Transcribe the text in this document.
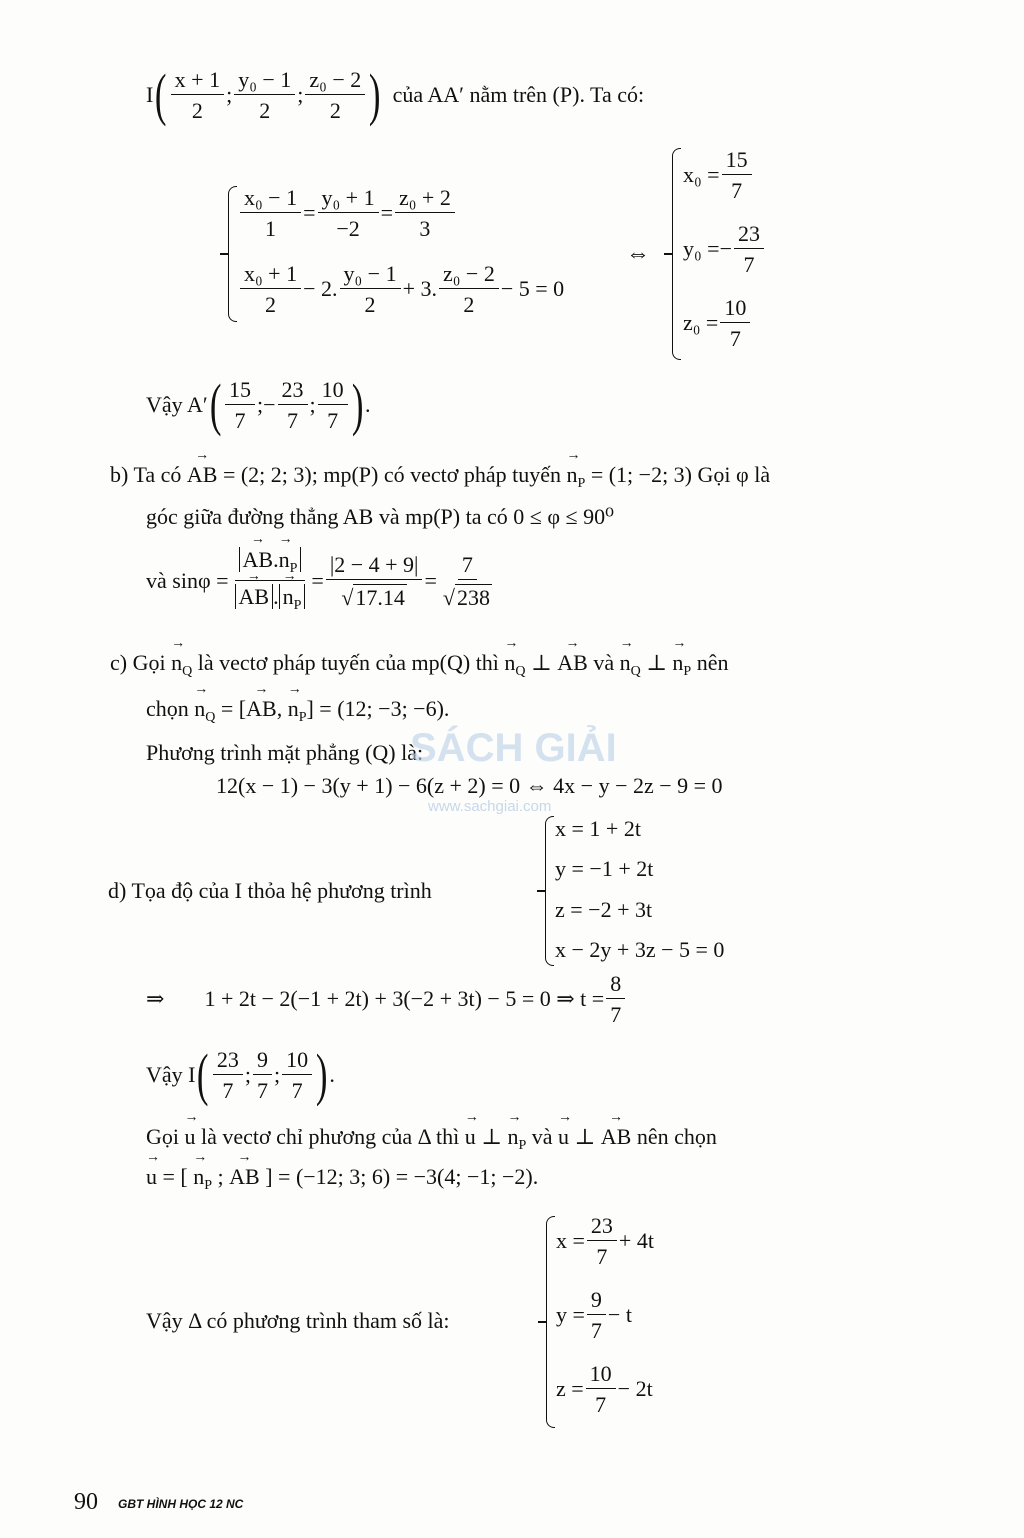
I ( $\frac{x + 1}{2}$ ; $\frac{\text{y₀ − 1}}{2}$ ; $\frac{\text{z₀ − 2}}{2}$ ) của AA′ nằm trên (P). Ta có:
$\frac{\text{x₀ − 1}}{1} = \frac{\text{y₀ + 1}}{-2} = \frac{\text{z₀ + 2}}{3}$
$\frac{\text{x₀ + 1}}{2} - 2$. $\frac{\text{y₀ − 1}}{2} + 3$. $\frac{\text{z₀ − 2}}{2} - 5 = 0$
⇔
$x_0 = \frac{15}{7}$
y₀ = − $\frac{23}{7}$
$z_0 = \frac{10}{7}$
Vậy A′ ( $\frac{15}{7}$ ; − $\frac{23}{7}$ ; $\frac{10}{7}$ ) .
b) Ta có → AB = (2; 2; 3); mp(P) có vectơ pháp tuyến → $n_P = (1$; −2; 3) Gọi φ là
góc giữa đường thẳng AB và mp(P) ta có 0 ≤ φ ≤ 90⁰
và sinφ = → $AB.\to n_P$
→ AB . → $n_P = \frac{|2 - 4 + 9|}{√ 17.14} = \frac{7}{√ 238}$
c) Gọi → $n_Q$ là vectơ pháp tuyến của mp(Q) thì → $n_Q$ ⊥ → AB và → $n_Q$ ⊥ → $n_P$ nên
chọn → $n_Q$ = [→ AB, → $n_P] = (12$; −3; −6).
Phương trình mặt phẳng (Q) là:
12(x − 1) − 3(y + 1) − 6(z + 2) = 0 ⇔ 4x − y − 2z − 9 = 0
SÁCH GIẢI
www.sachgiai.com
d) Tọa độ của I thỏa hệ phương trình
x = 1 + 2t
y = −1 + 2t
z = −2 + 3t
x − 2y + 3z − 5 = 0
⇒ 1 + 2t − 2(−1 + 2t) + 3(−2 + 3t) − 5 = 0 ⇒ $t = \frac{8}{7}$
Vậy I ( $\frac{23}{7}$ ; $\frac{9}{7}$ ; $\frac{10}{7}$ ) .
Gọi → u là vectơ chỉ phương của Δ thì → u ⊥ → $n_P$ và → u ⊥ → AB nên chọn
→ u = [ → $n_P$ ; → AB ] = (−12; 3; 6) = −3(4; −1; −2).
Vậy Δ có phương trình tham số là:
$x = \frac{23}{7} + 4t$
$y = \frac{9}{7} - t$
$z = \frac{10}{7} - 2t$
90 GBT HÌNH HỌC 12 NC
